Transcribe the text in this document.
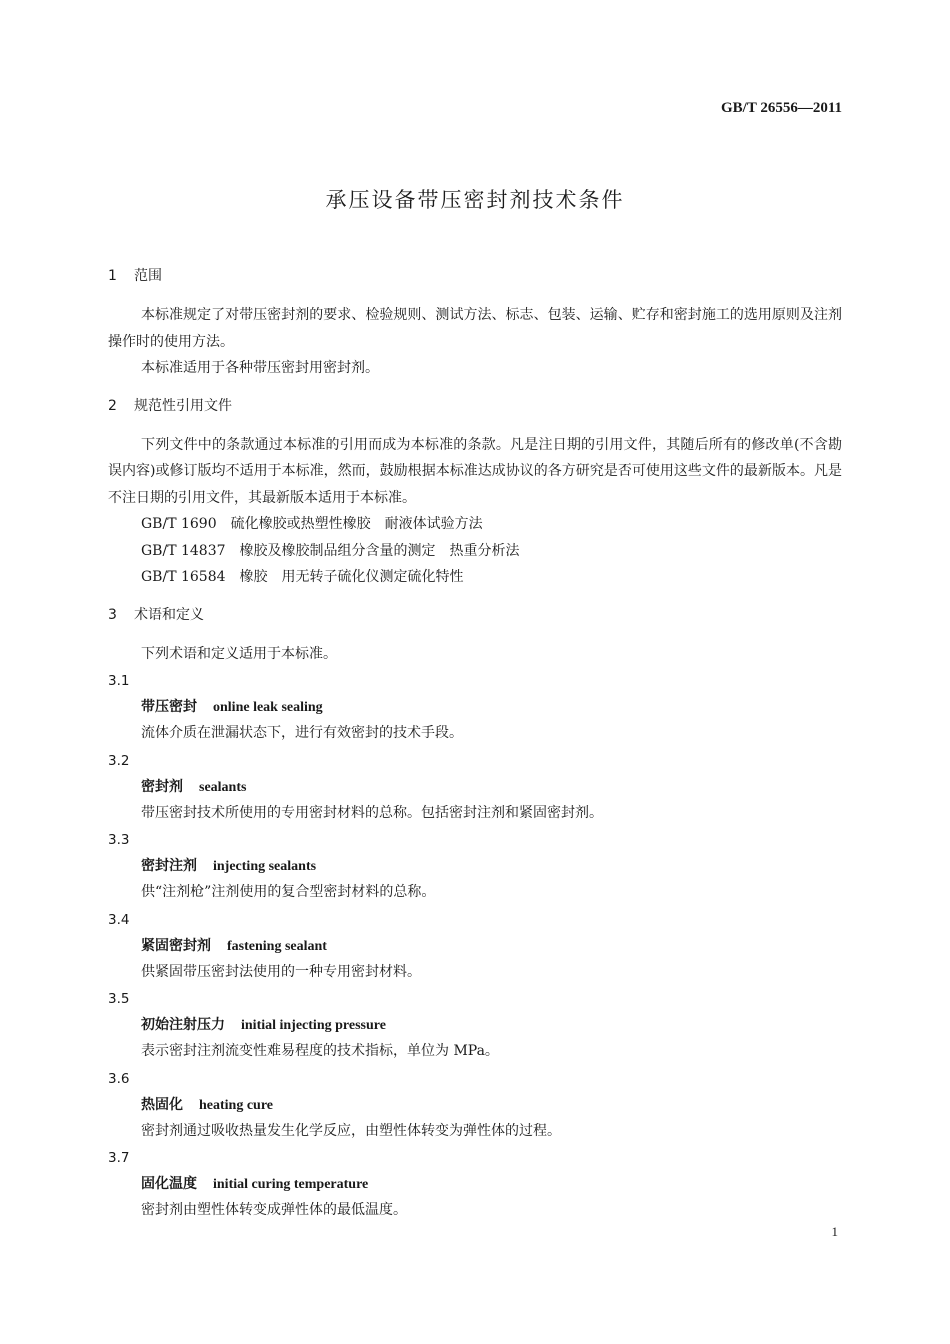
GB/T 26556—2011
承压设备带压密封剂技术条件
1 范围
本标准规定了对带压密封剂的要求、检验规则、测试方法、标志、包装、运输、贮存和密封施工的选用原则及注剂操作时的使用方法。
本标准适用于各种带压密封用密封剂。
2 规范性引用文件
下列文件中的条款通过本标准的引用而成为本标准的条款。凡是注日期的引用文件，其随后所有的修改单(不含勘误内容)或修订版均不适用于本标准，然而，鼓励根据本标准达成协议的各方研究是否可使用这些文件的最新版本。凡是不注日期的引用文件，其最新版本适用于本标准。
GB/T 1690　硫化橡胶或热塑性橡胶　耐液体试验方法
GB/T 14837　橡胶及橡胶制品组分含量的测定　热重分析法
GB/T 16584　橡胶　用无转子硫化仪测定硫化特性
3 术语和定义
下列术语和定义适用于本标准。
3.1
带压密封 online leak sealing
流体介质在泄漏状态下，进行有效密封的技术手段。
3.2
密封剂 sealants
带压密封技术所使用的专用密封材料的总称。包括密封注剂和紧固密封剂。
3.3
密封注剂 injecting sealants
供“注剂枪”注剂使用的复合型密封材料的总称。
3.4
紧固密封剂 fastening sealant
供紧固带压密封法使用的一种专用密封材料。
3.5
初始注射压力 initial injecting pressure
表示密封注剂流变性难易程度的技术指标，单位为 MPa。
3.6
热固化 heating cure
密封剂通过吸收热量发生化学反应，由塑性体转变为弹性体的过程。
3.7
固化温度 initial curing temperature
密封剂由塑性体转变成弹性体的最低温度。
1
